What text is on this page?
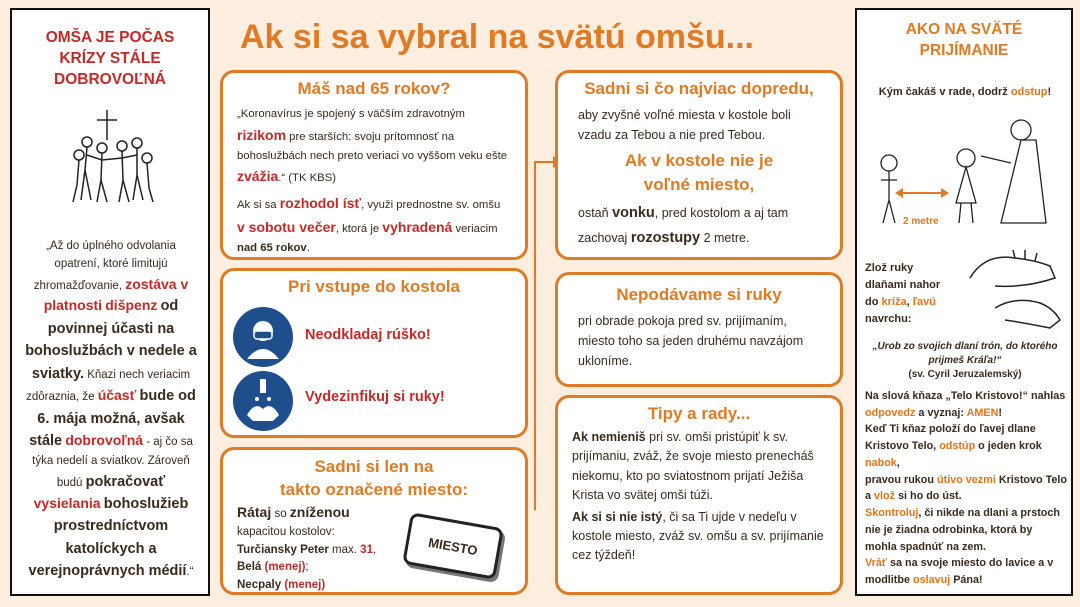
Ak si sa vybral na svätú omšu...
OMŠA JE POČAS
KRÍZY STÁLE
DOBROVOĽNÁ
„Až do úplného odvolania opatrení, ktoré limitujú zhromažďovanie, zostáva v platnosti dišpenz od povinnej účasti na bohoslužbách v nedele a sviatky. Kňazi nech veriacim zdôraznia, že účasť bude od 6. mája možná, avšak stále dobrovoľná - aj čo sa týka nedelí a sviatkov. Zároveň budú pokračovať vysielania bohoslužieb prostredníctvom katolíckych a verejnoprávnych médií.“
Máš nad 65 rokov?
„Koronavírus je spojený s väčším zdravotným rizikom pre starších: svoju prítomnosť na bohoslužbách nech preto veriaci vo vyššom veku ešte zvážia.“ (TK KBS)
Ak si sa rozhodol ísť, využi prednostne sv. omšu v sobotu večer, ktorá je vyhradená veriacim nad 65 rokov.
Pri vstupe do kostola
Neodkladaj rúško!
Vydezinfikuj si ruky!
Sadni si len na
takto označené miesto:
Rátaj so zníženou
kapacitou kostolov:
Turčiansky Peter max. 31,
Belá (menej);
Necpaly (menej)
MIESTO
Sadni si čo najviac dopredu,
aby zvyšné voľné miesta v kostole boli vzadu za Tebou a nie pred Tebou.
Ak v kostole nie je
voľné miesto,
ostaň vonku, pred kostolom a aj tam zachovaj rozostupy 2 metre.
Nepodávame si ruky
pri obrade pokoja pred sv. prijímaním, miesto toho sa jeden druhému navzájom ukloníme.
Tipy a rady...
Ak nemieniš pri sv. omši pristúpiť k sv. prijímaniu, zváž, že svoje miesto prenecháš niekomu, kto po sviatostnom prijatí Ježiša Krista vo svätej omši túži.
Ak si si nie istý, či sa Ti ujde v nedeľu v kostole miesto, zváž sv. omšu a sv. prijímanie cez týždeň!
AKO NA SVÄTÉ
PRIJÍMANIE
Kým čakáš v rade, dodrž odstup!
2 metre
Zlož ruky
dlaňami nahor
do kríža, ľavú
navrchu:
„Urob zo svojich dlaní trón, do ktorého prijmeš Kráľa!“
(sv. Cyril Jeruzalemský)
Na slová kňaza „Telo Kristovo!“ nahlas odpovedz a vyznaj: AMEN!
Keď Ti kňaz položí do ľavej dlane Kristovo Telo, odstúp o jeden krok nabok,
pravou rukou útivo vezmi Kristovo Telo a vlož si ho do úst.
Skontroluj, či nikde na dlani a prstoch nie je žiadna odrobinka, ktorá by mohla spadnúť na zem.
Vráť sa na svoje miesto do lavice a v modlitbe oslavuj Pána!
